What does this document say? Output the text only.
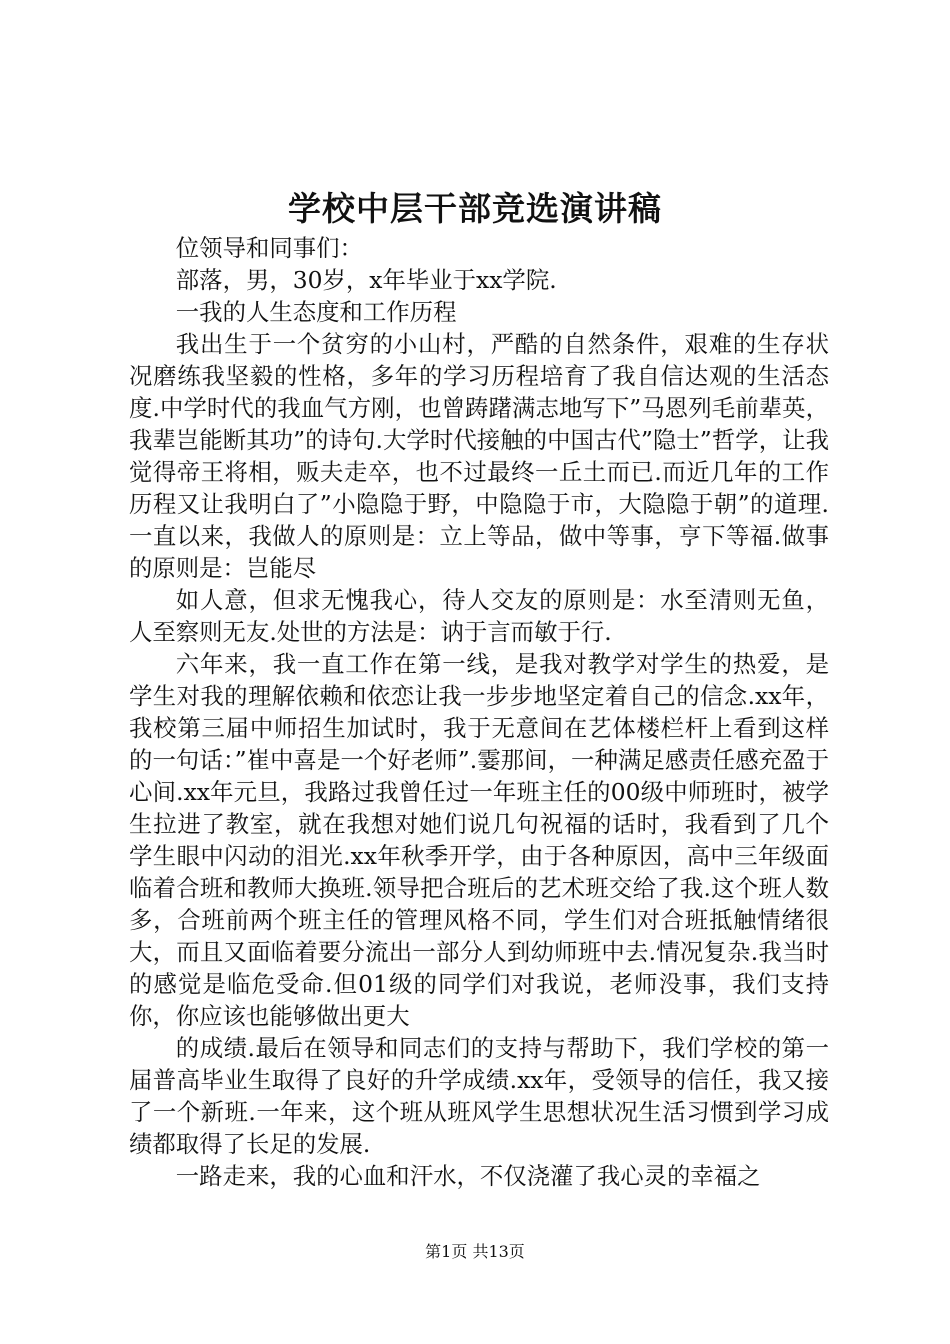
学校中层干部竞选演讲稿

位领导和同事们：

部落，男，30岁，x年毕业于xx学院.

一我的人生态度和工作历程

我出生于一个贫穷的小山村，严酷的自然条件，艰难的生存状况磨练我坚毅的性格，多年的学习历程培育了我自信达观的生活态度.中学时代的我血气方刚，也曾踌躇满志地写下”马恩列毛前辈英，我辈岂能断其功”的诗句.大学时代接触的中国古代”隐士”哲学，让我觉得帝王将相，贩夫走卒，也不过最终一丘土而已.而近几年的工作历程又让我明白了”小隐隐于野，中隐隐于市，大隐隐于朝”的道理.一直以来，我做人的原则是：立上等品，做中等事，亨下等福.做事的原则是：岂能尽

如人意，但求无愧我心，待人交友的原则是：水至清则无鱼，人至察则无友.处世的方法是：讷于言而敏于行.

六年来，我一直工作在第一线，是我对教学对学生的热爱，是学生对我的理解依赖和依恋让我一步步地坚定着自己的信念.xx年，我校第三届中师招生加试时，我于无意间在艺体楼栏杆上看到这样的一句话：”崔中喜是一个好老师”.霎那间，一种满足感责任感充盈于心间.xx年元旦，我路过我曾任过一年班主任的00级中师班时，被学生拉进了教室，就在我想对她们说几句祝福的话时，我看到了几个学生眼中闪动的泪光.xx年秋季开学，由于各种原因，高中三年级面临着合班和教师大换班.领导把合班后的艺术班交给了我.这个班人数多，合班前两个班主任的管理风格不同，学生们对合班抵触情绪很大，而且又面临着要分流出一部分人到幼师班中去.情况复杂.我当时的感觉是临危受命.但01级的同学们对我说，老师没事，我们支持你，你应该也能够做出更大

的成绩.最后在领导和同志们的支持与帮助下，我们学校的第一届普高毕业生取得了良好的升学成绩.xx年，受领导的信任，我又接了一个新班.一年来，这个班从班风学生思想状况生活习惯到学习成绩都取得了长足的发展.

一路走来，我的心血和汗水，不仅浇灌了我心灵的幸福之

第1页 共13页
